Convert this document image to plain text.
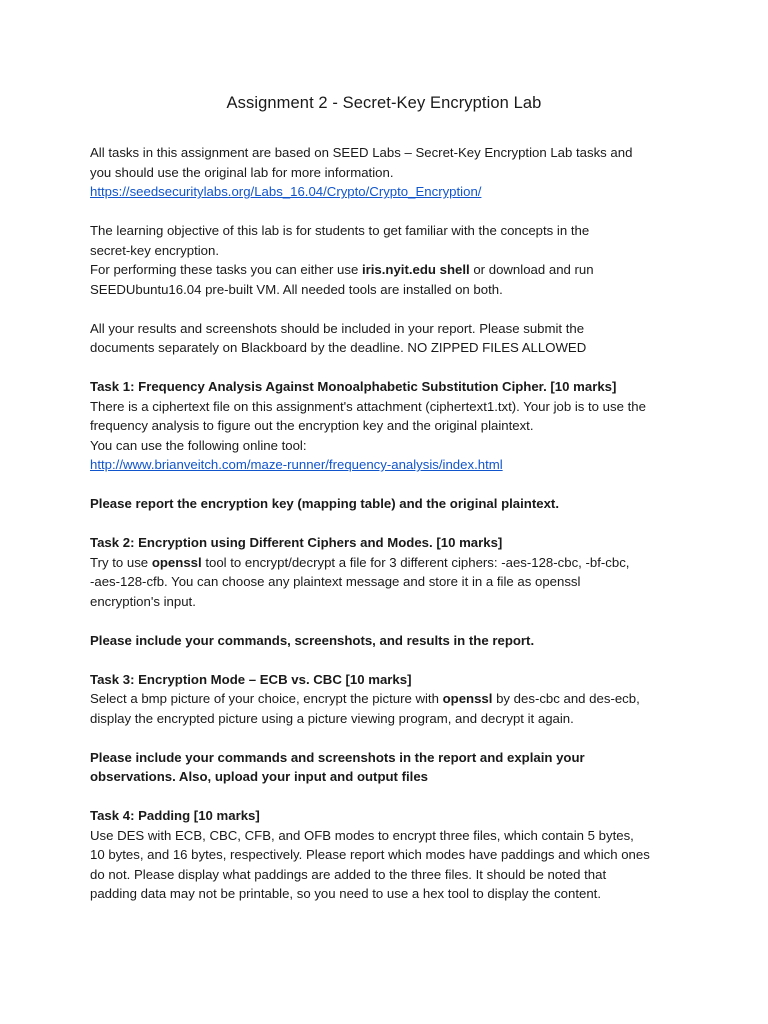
Assignment 2 - Secret-Key Encryption Lab

All tasks in this assignment are based on SEED Labs – Secret-Key Encryption Lab tasks and
you should use the original lab for more information.
https://seedsecuritylabs.org/Labs_16.04/Crypto/Crypto_Encryption/

The learning objective of this lab is for students to get familiar with the concepts in the
secret-key encryption.
For performing these tasks you can either use iris.nyit.edu shell or download and run
SEEDUbuntu16.04 pre-built VM. All needed tools are installed on both.

All your results and screenshots should be included in your report. Please submit the
documents separately on Blackboard by the deadline. NO ZIPPED FILES ALLOWED

Task 1: Frequency Analysis Against Monoalphabetic Substitution Cipher. [10 marks]
There is a ciphertext file on this assignment's attachment (ciphertext1.txt). Your job is to use the
frequency analysis to figure out the encryption key and the original plaintext.
You can use the following online tool:
http://www.brianveitch.com/maze-runner/frequency-analysis/index.html

Please report the encryption key (mapping table) and the original plaintext.

Task 2: Encryption using Different Ciphers and Modes. [10 marks]
Try to use openssl tool to encrypt/decrypt a file for 3 different ciphers: -aes-128-cbc, -bf-cbc,
-aes-128-cfb. You can choose any plaintext message and store it in a file as openssl
encryption's input.

Please include your commands, screenshots, and results in the report.

Task 3: Encryption Mode – ECB vs. CBC [10 marks]
Select a bmp picture of your choice, encrypt the picture with openssl by des-cbc and des-ecb,
display the encrypted picture using a picture viewing program, and decrypt it again.

Please include your commands and screenshots in the report and explain your
observations. Also, upload your input and output files

Task 4: Padding [10 marks]
Use DES with ECB, CBC, CFB, and OFB modes to encrypt three files, which contain 5 bytes,
10 bytes, and 16 bytes, respectively. Please report which modes have paddings and which ones
do not. Please display what paddings are added to the three files. It should be noted that
padding data may not be printable, so you need to use a hex tool to display the content.
